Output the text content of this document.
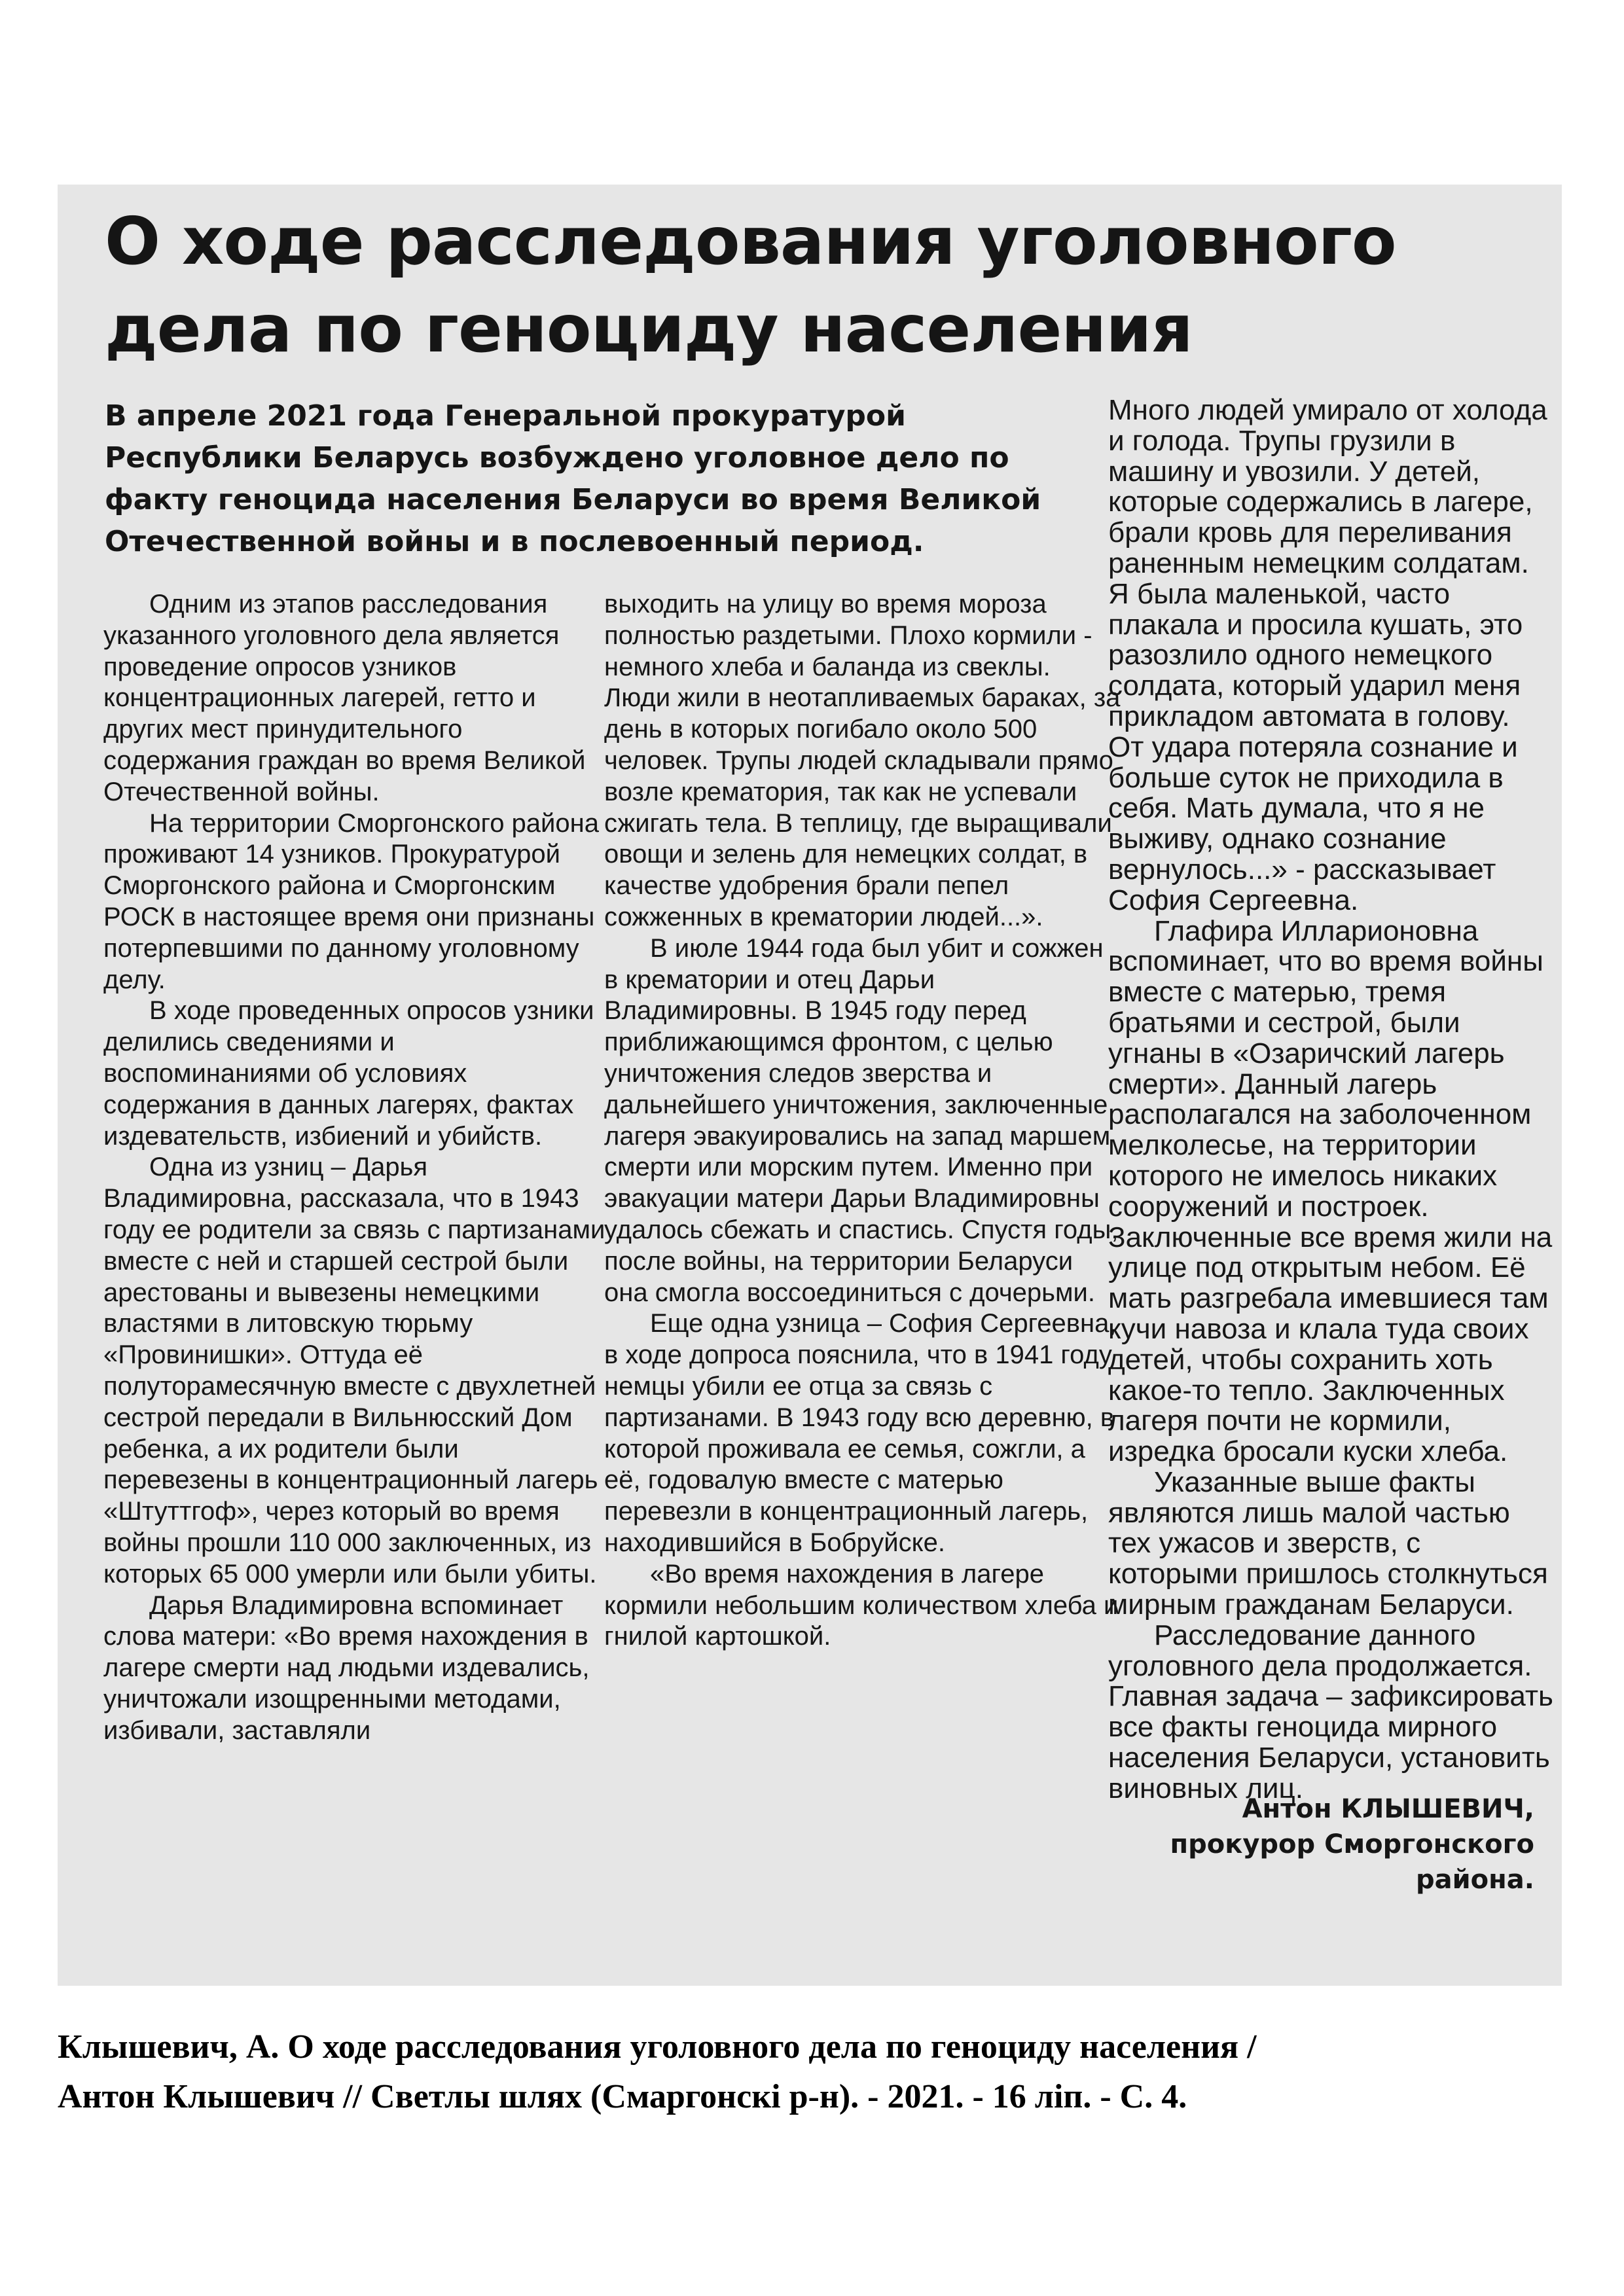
О ходе расследования уголовного
дела по геноциду населения

В апреле 2021 года Генеральной прокуратурой Республики Беларусь возбуждено уголовное дело по факту геноцида населения Беларуси во время Великой Отечественной войны и в послевоенный период.

Одним из этапов расследования указанного уголовного дела является проведение опросов узников концентрационных лагерей, гетто и других мест принудительного содержания граждан во время Великой Отечественной войны.

На территории Сморгонского района проживают 14 узников. Прокуратурой Сморгонского района и Сморгонским РОСК в настоящее время они признаны потерпевшими по данному уголовному делу.

В ходе проведенных опросов узники делились сведениями и воспоминаниями об условиях содержания в данных лагерях, фактах издевательств, избиений и убийств.

Одна из узниц – Дарья Владимировна, рассказала, что в 1943 году ее родители за связь с партизанами вместе с ней и старшей сестрой были арестованы и вывезены немецкими властями в литовскую тюрьму «Провинишки». Оттуда её полуторамесячную вместе с двухлетней сестрой передали в Вильнюсский Дом ребенка, а их родители были перевезены в концентрационный лагерь «Штуттгоф», через который во время войны прошли 110 000 заключенных, из которых 65 000 умерли или были убиты.

Дарья Владимировна вспоминает слова матери: «Во время нахождения в лагере смерти над людьми издевались, уничтожали изощренными методами, избивали, заставляли

выходить на улицу во время мороза полностью раздетыми. Плохо кормили - немного хлеба и баланда из свеклы. Люди жили в неотапливаемых бараках, за день в которых погибало около 500 человек. Трупы людей складывали прямо возле крематория, так как не успевали сжигать тела. В теплицу, где выращивали овощи и зелень для немецких солдат, в качестве удобрения брали пепел сожженных в крематории людей...».

В июле 1944 года был убит и сожжен в крематории и отец Дарьи Владимировны. В 1945 году перед приближающимся фронтом, с целью уничтожения следов зверства и дальнейшего уничтожения, заключенные лагеря эвакуировались на запад маршем смерти или морским путем. Именно при эвакуации матери Дарьи Владимировны удалось сбежать и спастись. Спустя годы, после войны, на территории Беларуси она смогла воссоединиться с дочерьми.

Еще одна узница – София Сергеевна, в ходе допроса пояснила, что в 1941 году немцы убили ее отца за связь с партизанами. В 1943 году всю деревню, в которой проживала ее семья, сожгли, а её, годовалую вместе с матерью перевезли в концентрационный лагерь, находившийся в Бобруйске.

«Во время нахождения в лагере кормили небольшим количеством хлеба и гнилой картошкой.

Много людей умирало от холода и голода. Трупы грузили в машину и увозили. У детей, которые содержались в лагере, брали кровь для переливания раненным немецким солдатам. Я была маленькой, часто плакала и просила кушать, это разозлило одного немецкого солдата, который ударил меня прикладом автомата в голову. От удара потеряла сознание и больше суток не приходила в себя. Мать думала, что я не выживу, однако сознание вернулось...» - рассказывает София Сергеевна.

Глафира Илларионовна вспоминает, что во время войны вместе с матерью, тремя братьями и сестрой, были угнаны в «Озаричский лагерь смерти». Данный лагерь располагался на заболоченном мелколесье, на территории которого не имелось никаких сооружений и построек. Заключенные все время жили на улице под открытым небом. Её мать разгребала имевшиеся там кучи навоза и клала туда своих детей, чтобы сохранить хоть какое-то тепло. Заключенных лагеря почти не кормили, изредка бросали куски хлеба.

Указанные выше факты являются лишь малой частью тех ужасов и зверств, с которыми пришлось столкнуться мирным гражданам Беларуси.

Расследование данного уголовного дела продолжается. Главная задача – зафиксировать все факты геноцида мирного населения Беларуси, установить виновных лиц.

Антон КЛЫШЕВИЧ,
прокурор Сморгонского
района.
Клышевич, А. О ходе расследования уголовного дела по геноциду населения /
Антон Клышевич // Светлы шлях (Смаргонскі р-н). - 2021. - 16 ліп. - С. 4.
